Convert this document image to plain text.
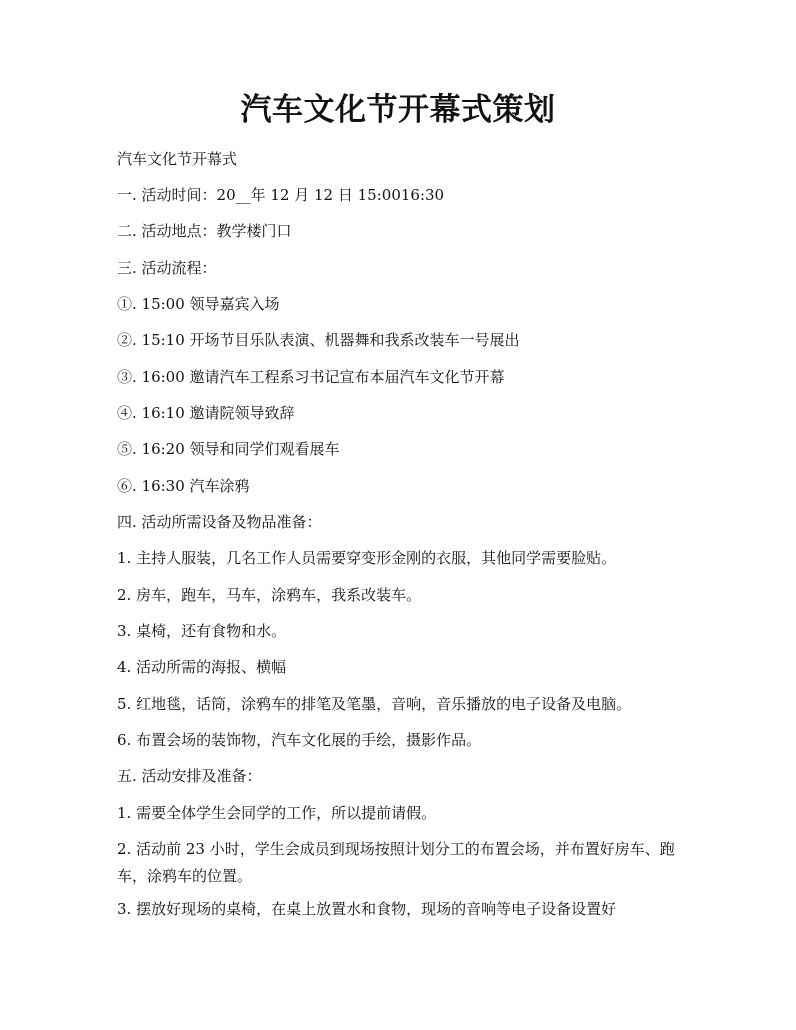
汽车文化节开幕式策划
汽车文化节开幕式
一. 活动时间：20__年 12 月 12 日 15:0016:30
二. 活动地点：教学楼门口
三. 活动流程：
①. 15:00 领导嘉宾入场
②. 15:10 开场节目乐队表演、机器舞和我系改装车一号展出
③. 16:00 邀请汽车工程系习书记宣布本届汽车文化节开幕
④. 16:10 邀请院领导致辞
⑤. 16:20 领导和同学们观看展车
⑥. 16:30 汽车涂鸦
四. 活动所需设备及物品准备：
1. 主持人服装，几名工作人员需要穿变形金刚的衣服，其他同学需要脸贴。
2. 房车，跑车，马车，涂鸦车，我系改装车。
3. 桌椅，还有食物和水。
4. 活动所需的海报、横幅
5. 红地毯，话筒，涂鸦车的排笔及笔墨，音响，音乐播放的电子设备及电脑。
6. 布置会场的装饰物，汽车文化展的手绘，摄影作品。
五. 活动安排及准备：
1. 需要全体学生会同学的工作，所以提前请假。
2. 活动前 23 小时，学生会成员到现场按照计划分工的布置会场，并布置好房车、跑车，涂鸦车的位置。
3. 摆放好现场的桌椅，在桌上放置水和食物，现场的音响等电子设备设置好
